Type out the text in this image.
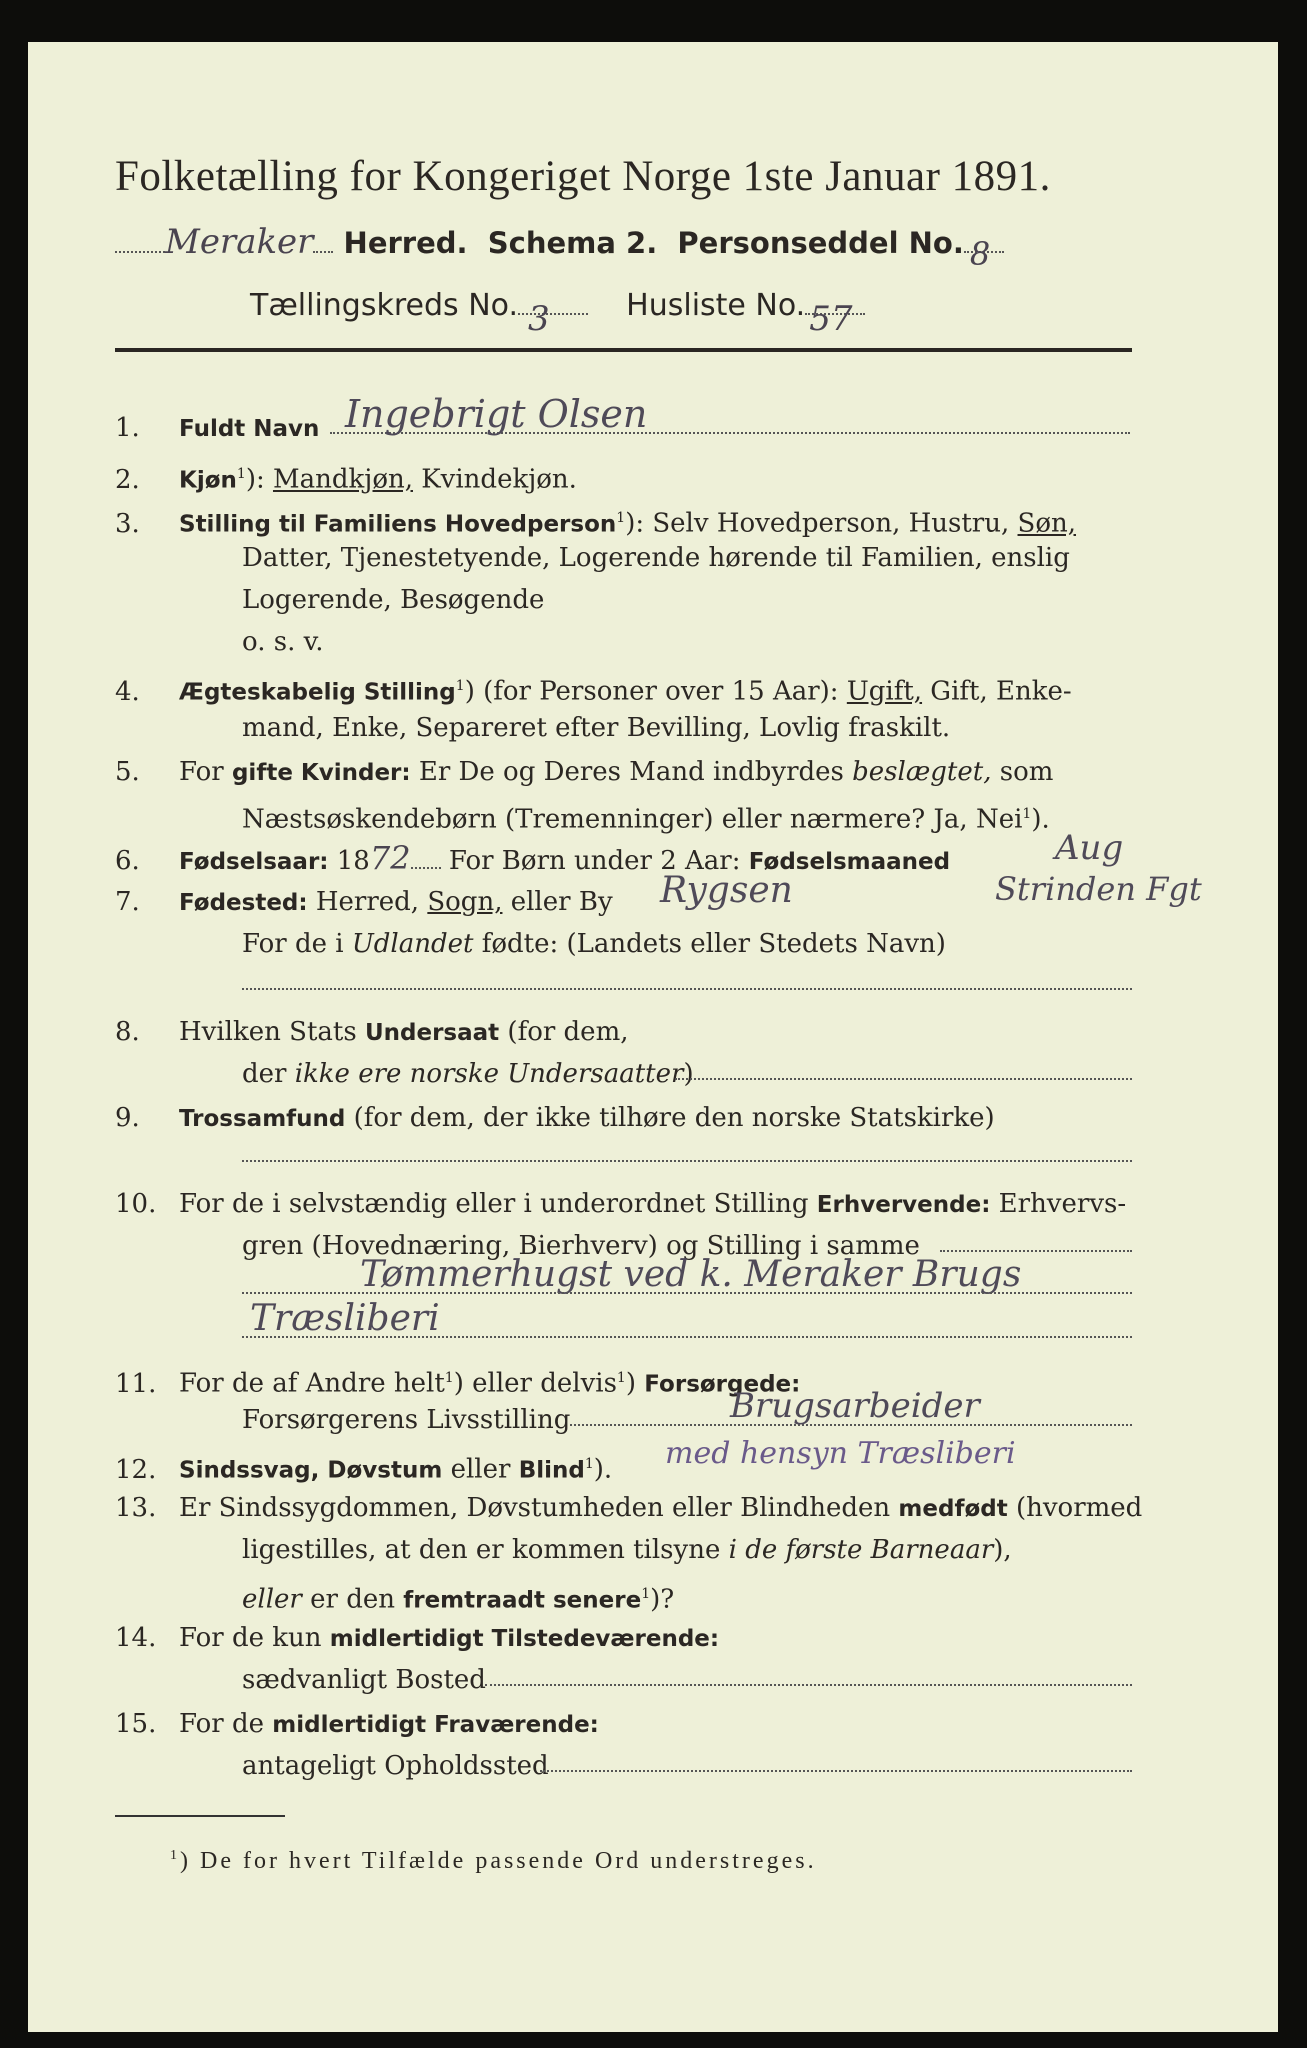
Folketælling for Kongeriget Norge 1ste Januar 1891.
Meraker Herred. Schema 2. Personseddel No. 8
Tællingskreds No. 3	Husliste No. 57
1. Fuldt Navn Ingebrigt Olsen
2. Kjøn$^1$): Mandkjøn, Kvindekjøn.
3. Stilling til Familiens Hovedperson$^1$): Selv Hovedperson, Hustru, Søn,
Datter, Tjenestetyende, Logerende hørende til Familien, enslig
Logerende, Besøgende
o. s. v.
4. Ægteskabelig Stilling$^1$) (for Personer over 15 Aar): Ugift, Gift, Enke-
mand, Enke, Separeret efter Bevilling, Lovlig fraskilt.
5. For gifte Kvinder: Er De og Deres Mand indbyrdes beslægtet, som
Næstsøskendebørn (Tremenninger) eller nærmere? Ja, Nei$^1$).
6. Fødselsaar: 1872 For Børn under 2 Aar: Fødselsmaaned	Aug
7. Fødested: Herred, Sogn, eller By Rygsen	Strinden Fgt
For de i Udlandet fødte: (Landets eller Stedets Navn)
8. Hvilken Stats Undersaat (for dem,
der ikke ere norske Undersaatter)
9. Trossamfund (for dem, der ikke tilhøre den norske Statskirke)
10. For de i selvstændig eller i underordnet Stilling Erhvervende: Erhvervs-
gren (Hovednæring, Bierhverv) og Stilling i samme
Tømmerhugst ved k. Meraker Brugs
Træsliberi
11. For de af Andre helt$^1$) eller delvis$^1$) Forsørgede:
Forsørgerens Livsstilling	Brugsarbeider
12. Sindssvag, Døvstum eller Blind$^1$). med hensyn Træsliberi
13. Er Sindssygdommen, Døvstumheden eller Blindheden medfødt (hvormed
ligestilles, at den er kommen tilsyne i de første Barneaar),
eller er den fremtraadt senere$^1$)?
14. For de kun midlertidigt Tilstedeværende:
sædvanligt Bosted
15. For de midlertidigt Fraværende:
antageligt Opholdssted
$^1$) De for hvert Tilfælde passende Ord understreges.
